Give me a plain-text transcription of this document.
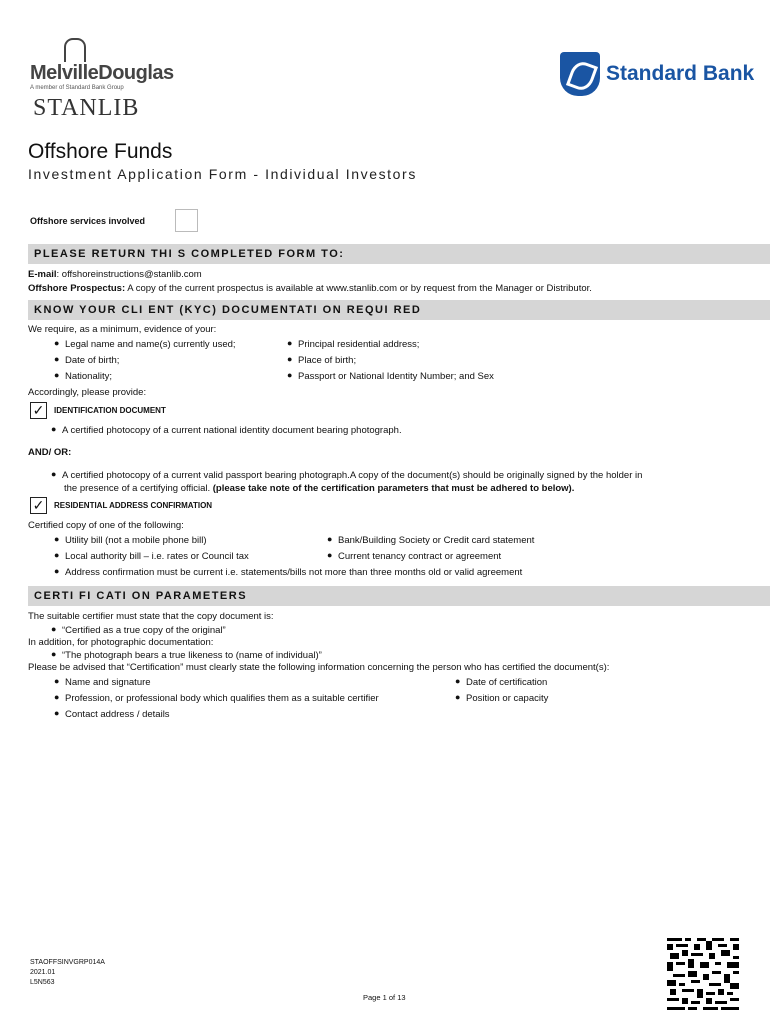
MelvilleDouglas
A member of Standard Bank Group
STANLIB
Standard Bank
Offshore Funds
Investment Application Form - Individual Investors
Offshore services involved
PLEASE RETURN THI S COMPLETED FORM TO:
E-mail: offshoreinstructions@stanlib.com
Offshore Prospectus: A copy of the current prospectus is available at www.stanlib.com or by request from the Manager or Distributor.
KNOW YOUR CLI ENT (KYC) DOCUMENTATI ON REQUI RED
We require, as a minimum, evidence of your:
● Legal name and name(s) currently used;
● Date of birth;
● Nationality;
● Principal residential address;
● Place of birth;
● Passport or National Identity Number; and Sex
Accordingly, please provide:
✓	IDENTIFICATION DOCUMENT
● A certified photocopy of a current national identity document bearing photograph.
AND/ OR:
● A certified photocopy of a current valid passport bearing photograph.A copy of the document(s) should be originally signed by the holder in
the presence of a certifying official. (please take note of the certification parameters that must be adhered to below).
✓	RESIDENTIAL ADDRESS CONFIRMATION
Certified copy of one of the following:
● Utility bill (not a mobile phone bill)
● Local authority bill – i.e. rates or Council tax
● Bank/Building Society or Credit card statement
● Current tenancy contract or agreement
● Address confirmation must be current i.e. statements/bills not more than three months old or valid agreement
CERTI FI CATI ON PARAMETERS
The suitable certifier must state that the copy document is:
● “Certified as a true copy of the original”
In addition, for photographic documentation:
● “The photograph bears a true likeness to (name of individual)”
Please be advised that “Certification” must clearly state the following information concerning the person who has certified the document(s):
● Name and signature
● Profession, or professional body which qualifies them as a suitable certifier
● Contact address / details
● Date of certification
● Position or capacity
STAOFFSINVGRP014A
2021.01
L5N563
Page 1 of 13
